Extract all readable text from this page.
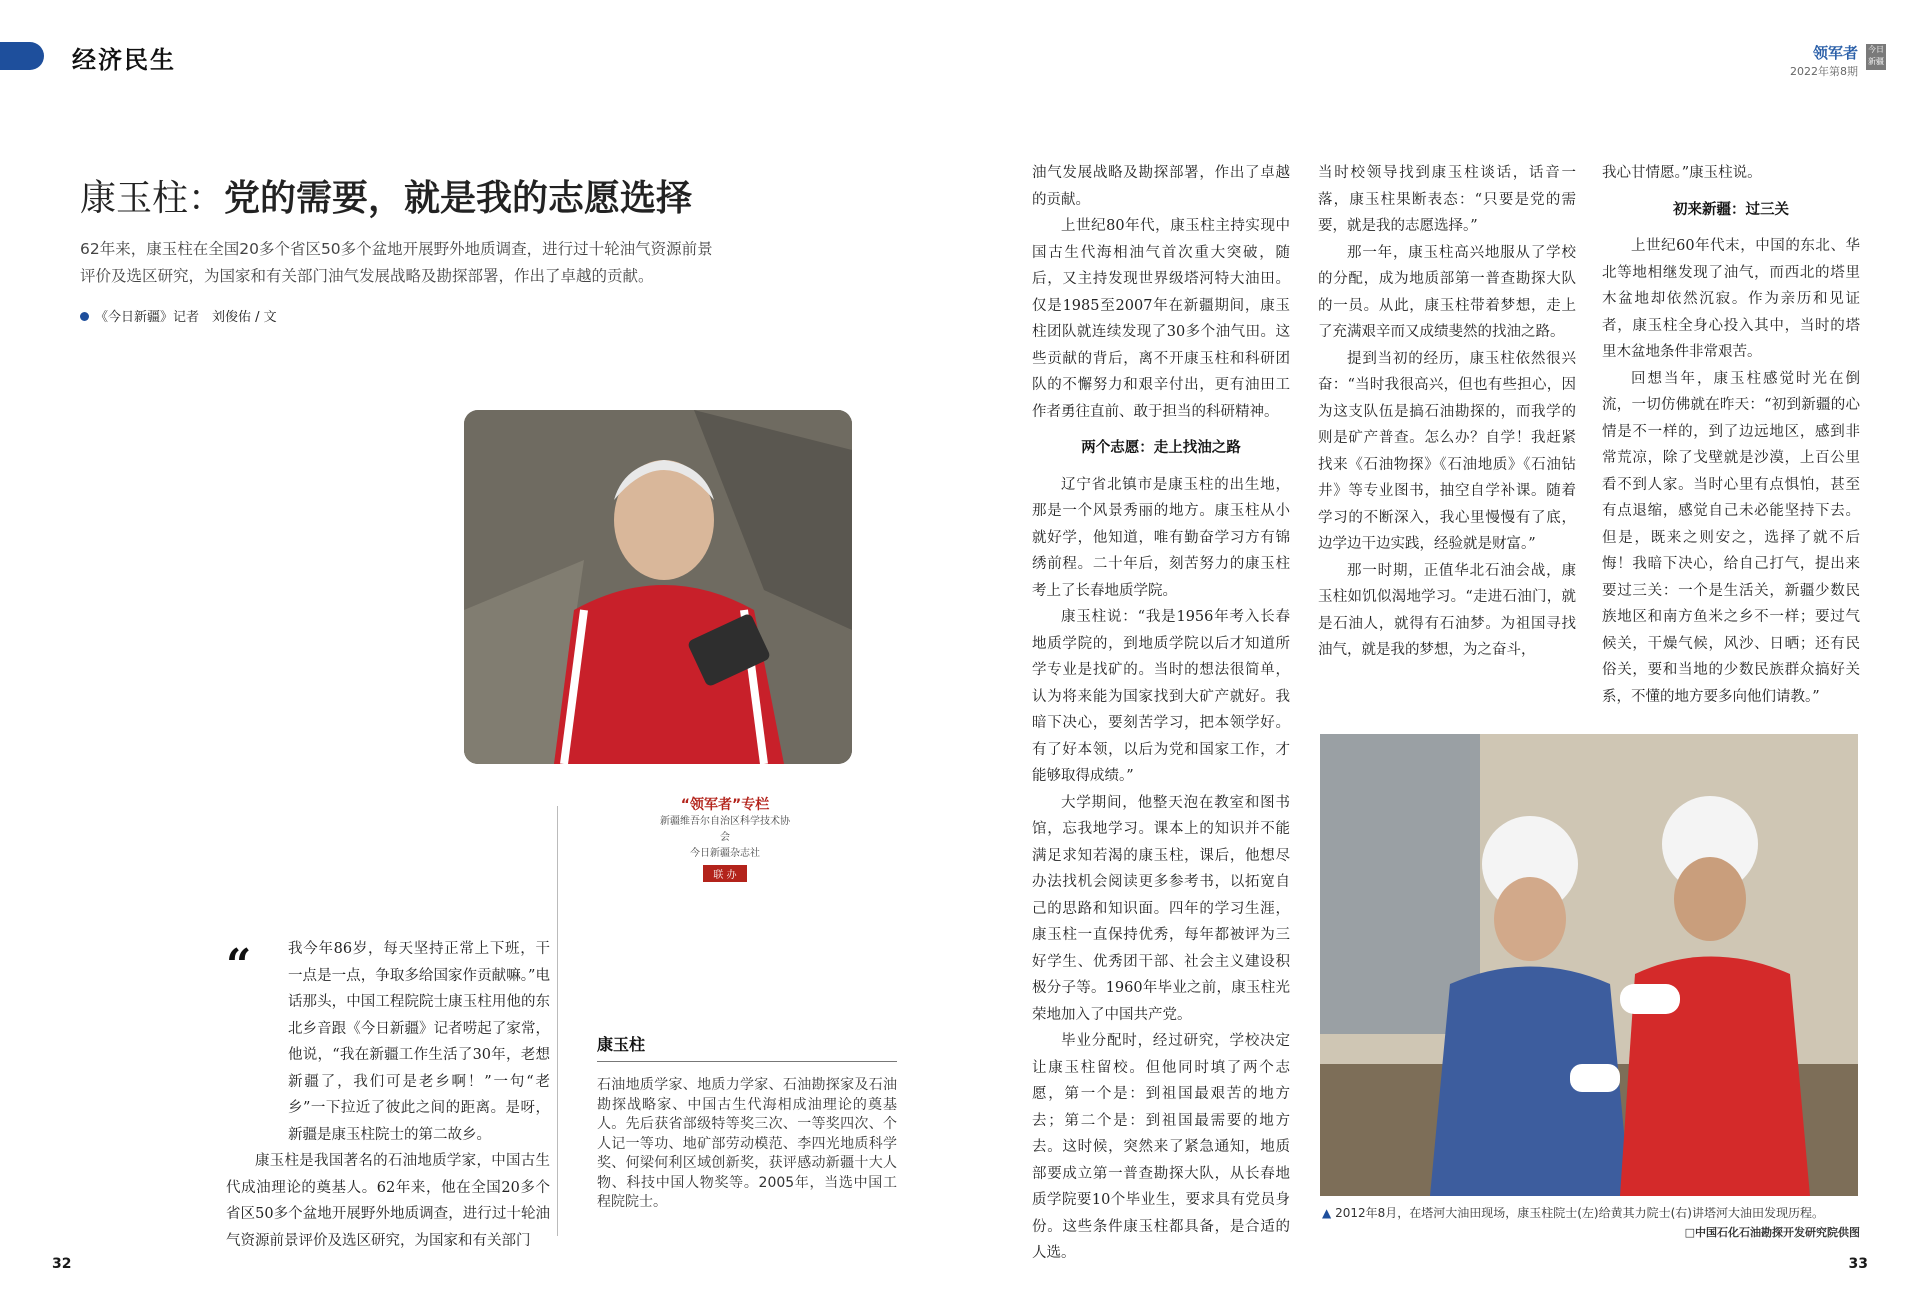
经济民生	领军者
2022年第8期
今日新疆
康玉柱：党的需要，就是我的志愿选择
62年来，康玉柱在全国20多个省区50多个盆地开展野外地质调查，进行过十轮油气资源前景评价及选区研究，为国家和有关部门油气发展战略及勘探部署，作出了卓越的贡献。
《今日新疆》记者　刘俊佑 / 文
“领军者”专栏
新疆维吾尔自治区科学技术协会
今日新疆杂志社
联 办
“	我今年86岁，每天坚持正常上下班，干一点是一点，争取多给国家作贡献嘛。”电话那头，中国工程院院士康玉柱用他的东北乡音跟《今日新疆》记者唠起了家常，他说，“我在新疆工作生活了30年，老想新疆了，我们可是老乡啊！”一句“老乡”一下拉近了彼此之间的距离。是呀，新疆是康玉柱院士的第二故乡。

康玉柱是我国著名的石油地质学家，中国古生代成油理论的奠基人。62年来，他在全国20多个省区50多个盆地开展野外地质调查，进行过十轮油气资源前景评价及选区研究，为国家和有关部门

康玉柱
石油地质学家、地质力学家、石油勘探家及石油勘探战略家、中国古生代海相成油理论的奠基人。先后获省部级特等奖三次、一等奖四次、个人记一等功、地矿部劳动模范、李四光地质科学奖、何梁何利区域创新奖，获评感动新疆十大人物、科技中国人物奖等。2005年，当选中国工程院院士。

油气发展战略及勘探部署，作出了卓越的贡献。

上世纪80年代，康玉柱主持实现中国古生代海相油气首次重大突破，随后，又主持发现世界级塔河特大油田。仅是1985至2007年在新疆期间，康玉柱团队就连续发现了30多个油气田。这些贡献的背后，离不开康玉柱和科研团队的不懈努力和艰辛付出，更有油田工作者勇往直前、敢于担当的科研精神。

两个志愿：走上找油之路

辽宁省北镇市是康玉柱的出生地，那是一个风景秀丽的地方。康玉柱从小就好学，他知道，唯有勤奋学习方有锦绣前程。二十年后，刻苦努力的康玉柱考上了长春地质学院。

康玉柱说：“我是1956年考入长春地质学院的，到地质学院以后才知道所学专业是找矿的。当时的想法很简单，认为将来能为国家找到大矿产就好。我暗下决心，要刻苦学习，把本领学好。有了好本领，以后为党和国家工作，才能够取得成绩。”

大学期间，他整天泡在教室和图书馆，忘我地学习。课本上的知识并不能满足求知若渴的康玉柱，课后，他想尽办法找机会阅读更多参考书，以拓宽自己的思路和知识面。四年的学习生涯，康玉柱一直保持优秀，每年都被评为三好学生、优秀团干部、社会主义建设积极分子等。1960年毕业之前，康玉柱光荣地加入了中国共产党。

毕业分配时，经过研究，学校决定让康玉柱留校。但他同时填了两个志愿，第一个是：到祖国最艰苦的地方去；第二个是：到祖国最需要的地方去。这时候，突然来了紧急通知，地质部要成立第一普查勘探大队，从长春地质学院要10个毕业生，要求具有党员身份。这些条件康玉柱都具备，是合适的人选。

当时校领导找到康玉柱谈话，话音一落，康玉柱果断表态：“只要是党的需要，就是我的志愿选择。”

那一年，康玉柱高兴地服从了学校的分配，成为地质部第一普查勘探大队的一员。从此，康玉柱带着梦想，走上了充满艰辛而又成绩斐然的找油之路。

提到当初的经历，康玉柱依然很兴奋：“当时我很高兴，但也有些担心，因为这支队伍是搞石油勘探的，而我学的则是矿产普查。怎么办？自学！我赶紧找来《石油物探》《石油地质》《石油钻井》等专业图书，抽空自学补课。随着学习的不断深入，我心里慢慢有了底，边学边干边实践，经验就是财富。”

那一时期，正值华北石油会战，康玉柱如饥似渴地学习。“走进石油门，就是石油人，就得有石油梦。为祖国寻找油气，就是我的梦想，为之奋斗，

我心甘情愿。”康玉柱说。

初来新疆：过三关

上世纪60年代末，中国的东北、华北等地相继发现了油气，而西北的塔里木盆地却依然沉寂。作为亲历和见证者，康玉柱全身心投入其中，当时的塔里木盆地条件非常艰苦。

回想当年，康玉柱感觉时光在倒流，一切仿佛就在昨天：“初到新疆的心情是不一样的，到了边远地区，感到非常荒凉，除了戈壁就是沙漠，上百公里看不到人家。当时心里有点惧怕，甚至有点退缩，感觉自己未必能坚持下去。但是，既来之则安之，选择了就不后悔！我暗下决心，给自己打气，提出来要过三关：一个是生活关，新疆少数民族地区和南方鱼米之乡不一样；要过气候关，干燥气候，风沙、日晒；还有民俗关，要和当地的少数民族群众搞好关系，不懂的地方要多向他们请教。”

▲ 2012年8月，在塔河大油田现场，康玉柱院士(左)给黄其力院士(右)讲塔河大油田发现历程。
□中国石化石油勘探开发研究院供图
32	33
